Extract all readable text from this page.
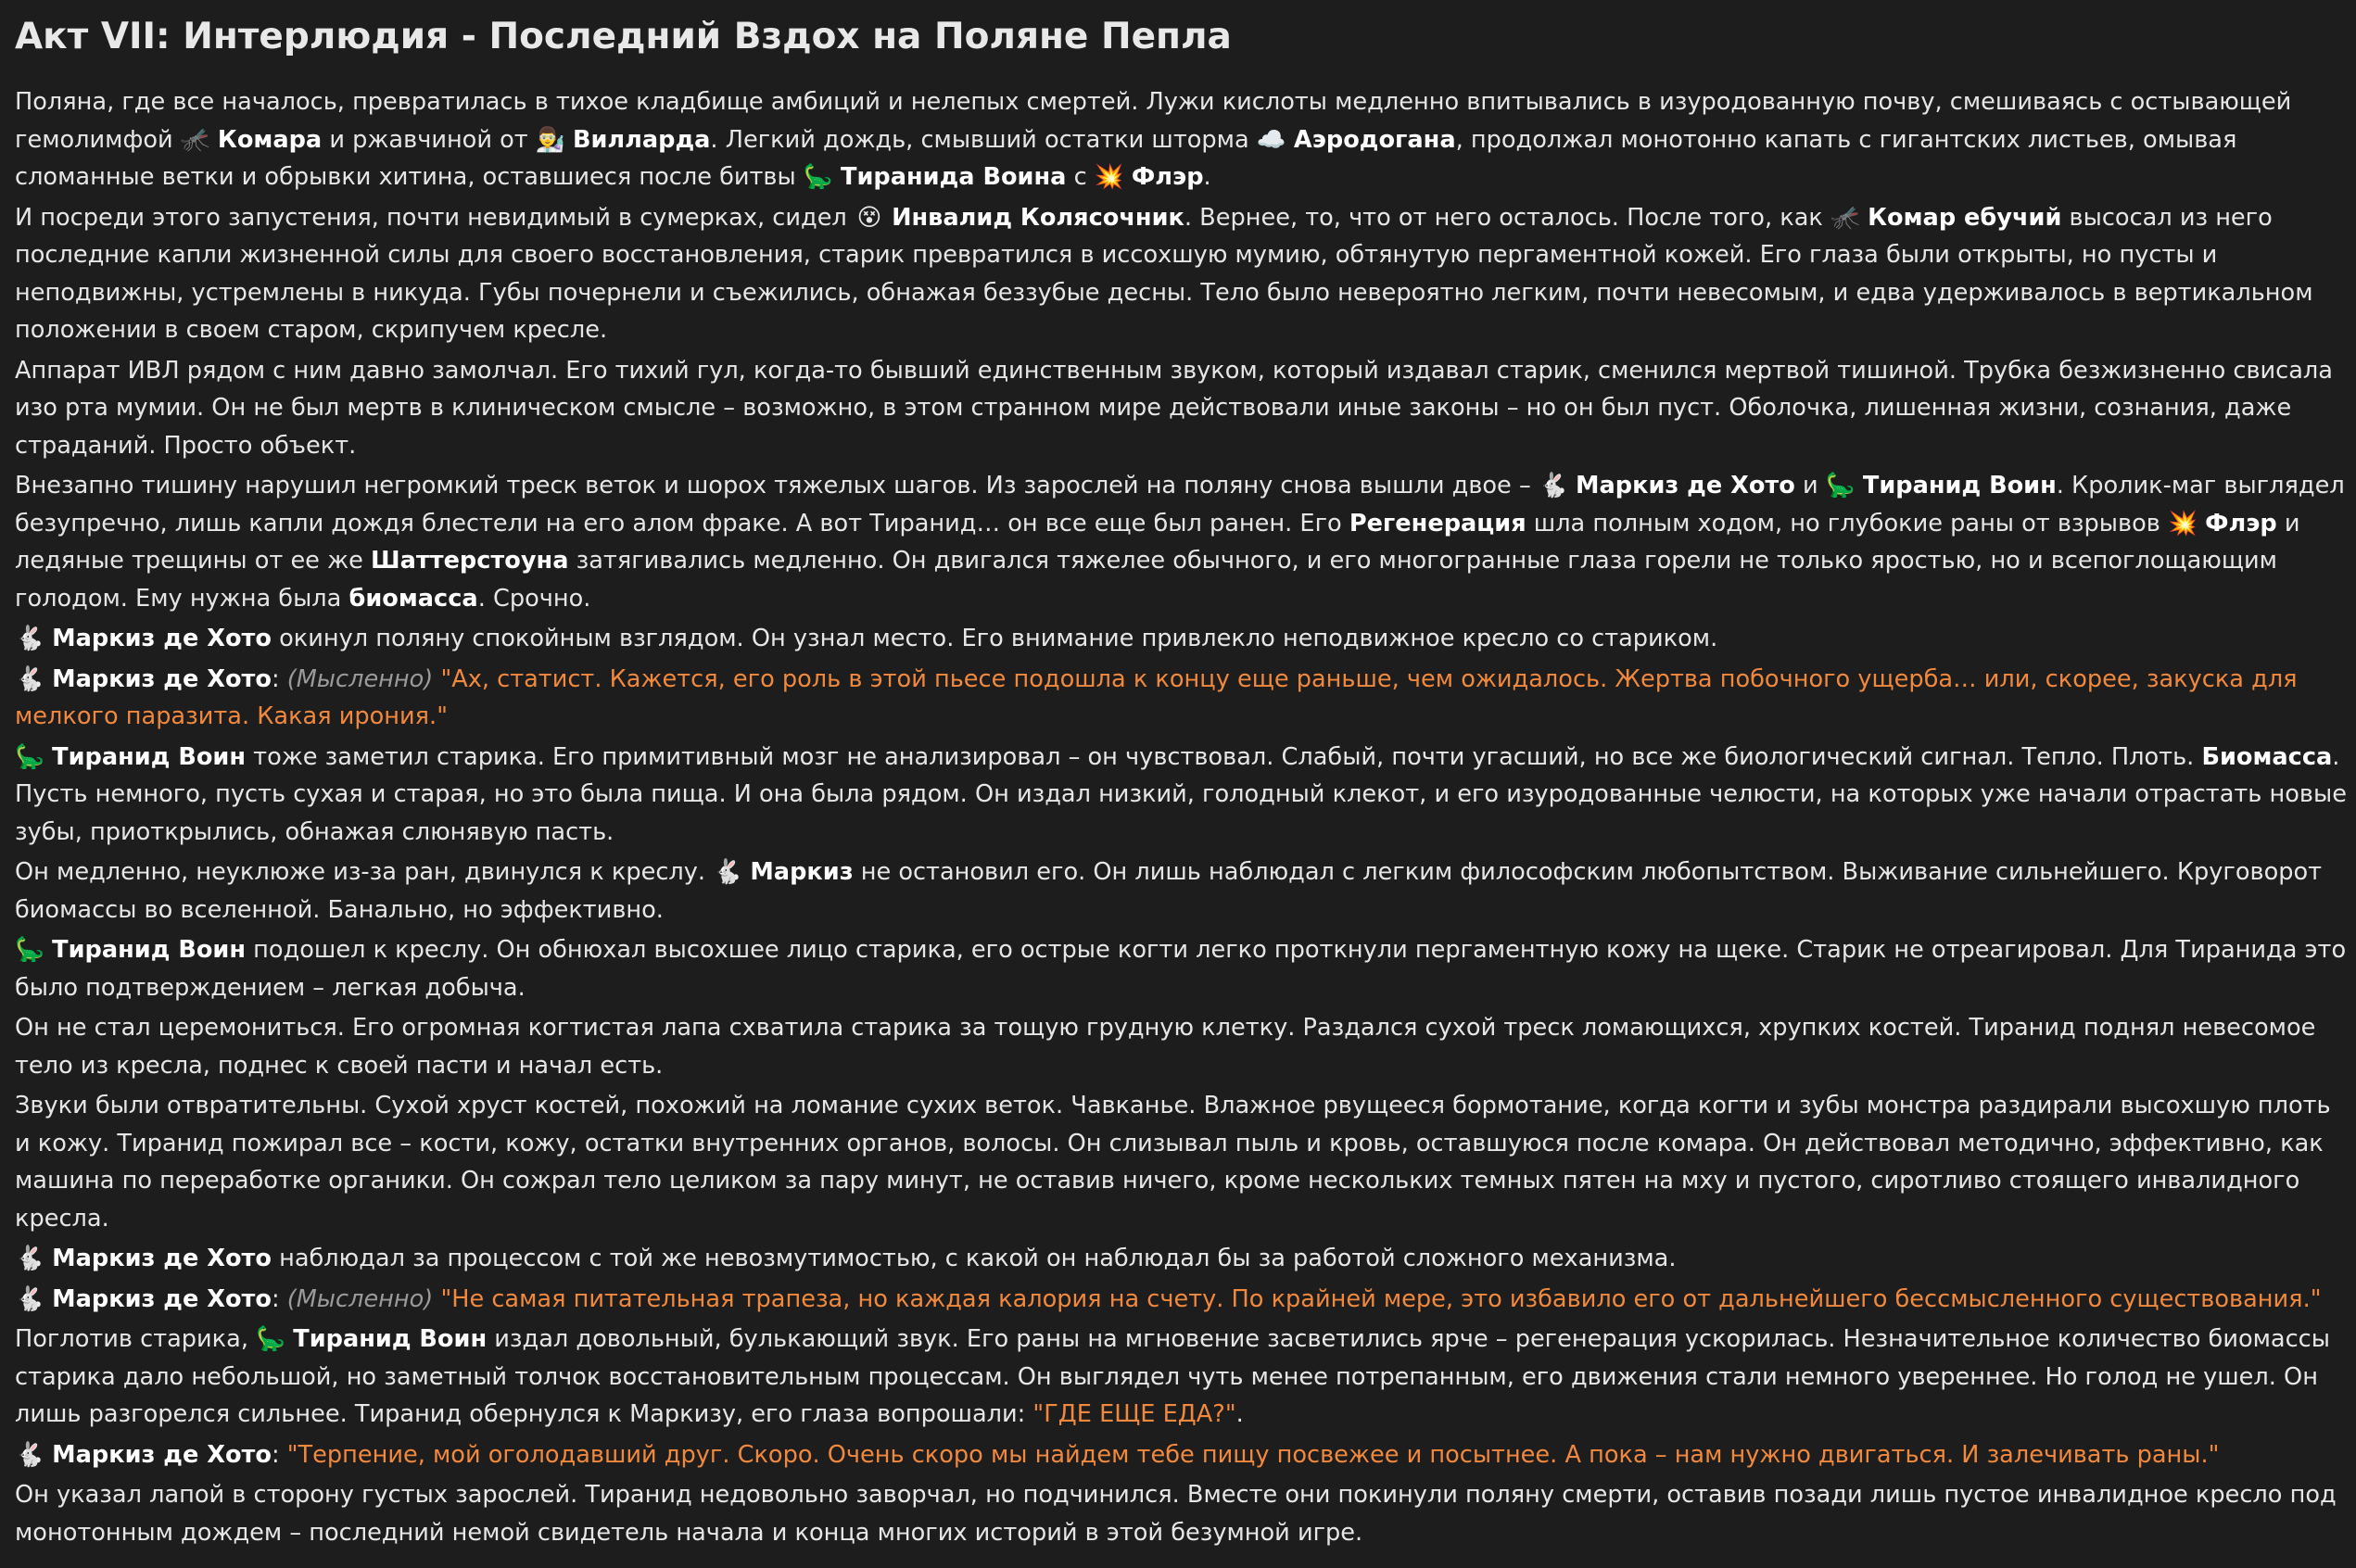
Акт VII: Интерлюдия - Последний Вздох на Поляне Пепла

Поляна, где все началось, превратилась в тихое кладбище амбиций и нелепых смертей. Лужи кислоты медленно впитывались в изуродованную почву, смешиваясь с остывающей гемолимфой 🦟 Комара и ржавчиной от 👨‍🔬 Вилларда. Легкий дождь, смывший остатки шторма ☁️ Аэродогана, продолжал монотонно капать с гигантских листьев, омывая сломанные ветки и обрывки хитина, оставшиеся после битвы 🦕 Тиранида Воина с 💥 Флэр.

И посреди этого запустения, почти невидимый в сумерках, сидел 😵 Инвалид Колясочник. Вернее, то, что от него осталось. После того, как 🦟 Комар ебучий высосал из него последние капли жизненной силы для своего восстановления, старик превратился в иссохшую мумию, обтянутую пергаментной кожей. Его глаза были открыты, но пусты и неподвижны, устремлены в никуда. Губы почернели и съежились, обнажая беззубые десны. Тело было невероятно легким, почти невесомым, и едва удерживалось в вертикальном положении в своем старом, скрипучем кресле.

Аппарат ИВЛ рядом с ним давно замолчал. Его тихий гул, когда-то бывший единственным звуком, который издавал старик, сменился мертвой тишиной. Трубка безжизненно свисала изо рта мумии. Он не был мертв в клиническом смысле – возможно, в этом странном мире действовали иные законы – но он был пуст. Оболочка, лишенная жизни, сознания, даже страданий. Просто объект.

Внезапно тишину нарушил негромкий треск веток и шорох тяжелых шагов. Из зарослей на поляну снова вышли двое – 🐇 Маркиз де Хото и 🦕 Тиранид Воин. Кролик-маг выглядел безупречно, лишь капли дождя блестели на его алом фраке. А вот Тиранид… он все еще был ранен. Его Регенерация шла полным ходом, но глубокие раны от взрывов 💥 Флэр и ледяные трещины от ее же Шаттерстоуна затягивались медленно. Он двигался тяжелее обычного, и его многогранные глаза горели не только яростью, но и всепоглощающим голодом. Ему нужна была биомасса. Срочно.

🐇 Маркиз де Хото окинул поляну спокойным взглядом. Он узнал место. Его внимание привлекло неподвижное кресло со стариком.

🐇 Маркиз де Хото: (Мысленно) "Ах, статист. Кажется, его роль в этой пьесе подошла к концу еще раньше, чем ожидалось. Жертва побочного ущерба… или, скорее, закуска для мелкого паразита. Какая ирония."

🦕 Тиранид Воин тоже заметил старика. Его примитивный мозг не анализировал – он чувствовал. Слабый, почти угасший, но все же биологический сигнал. Тепло. Плоть. Биомасса. Пусть немного, пусть сухая и старая, но это была пища. И она была рядом. Он издал низкий, голодный клекот, и его изуродованные челюсти, на которых уже начали отрастать новые зубы, приоткрылись, обнажая слюнявую пасть.

Он медленно, неуклюже из-за ран, двинулся к креслу. 🐇 Маркиз не остановил его. Он лишь наблюдал с легким философским любопытством. Выживание сильнейшего. Круговорот биомассы во вселенной. Банально, но эффективно.

🦕 Тиранид Воин подошел к креслу. Он обнюхал высохшее лицо старика, его острые когти легко проткнули пергаментную кожу на щеке. Старик не отреагировал. Для Тиранида это было подтверждением – легкая добыча.

Он не стал церемониться. Его огромная когтистая лапа схватила старика за тощую грудную клетку. Раздался сухой треск ломающихся, хрупких костей. Тиранид поднял невесомое тело из кресла, поднес к своей пасти и начал есть.

Звуки были отвратительны. Сухой хруст костей, похожий на ломание сухих веток. Чавканье. Влажное рвущееся бормотание, когда когти и зубы монстра раздирали высохшую плоть и кожу. Тиранид пожирал все – кости, кожу, остатки внутренних органов, волосы. Он слизывал пыль и кровь, оставшуюся после комара. Он действовал методично, эффективно, как машина по переработке органики. Он сожрал тело целиком за пару минут, не оставив ничего, кроме нескольких темных пятен на мху и пустого, сиротливо стоящего инвалидного кресла.

🐇 Маркиз де Хото наблюдал за процессом с той же невозмутимостью, с какой он наблюдал бы за работой сложного механизма.

🐇 Маркиз де Хото: (Мысленно) "Не самая питательная трапеза, но каждая калория на счету. По крайней мере, это избавило его от дальнейшего бессмысленного существования."

Поглотив старика, 🦕 Тиранид Воин издал довольный, булькающий звук. Его раны на мгновение засветились ярче – регенерация ускорилась. Незначительное количество биомассы старика дало небольшой, но заметный толчок восстановительным процессам. Он выглядел чуть менее потрепанным, его движения стали немного увереннее. Но голод не ушел. Он лишь разгорелся сильнее. Тиранид обернулся к Маркизу, его глаза вопрошали: "ГДЕ ЕЩЕ ЕДА?".

🐇 Маркиз де Хото: "Терпение, мой оголодавший друг. Скоро. Очень скоро мы найдем тебе пищу посвежее и посытнее. А пока – нам нужно двигаться. И залечивать раны."

Он указал лапой в сторону густых зарослей. Тиранид недовольно заворчал, но подчинился. Вместе они покинули поляну смерти, оставив позади лишь пустое инвалидное кресло под монотонным дождем – последний немой свидетель начала и конца многих историй в этой безумной игре.
